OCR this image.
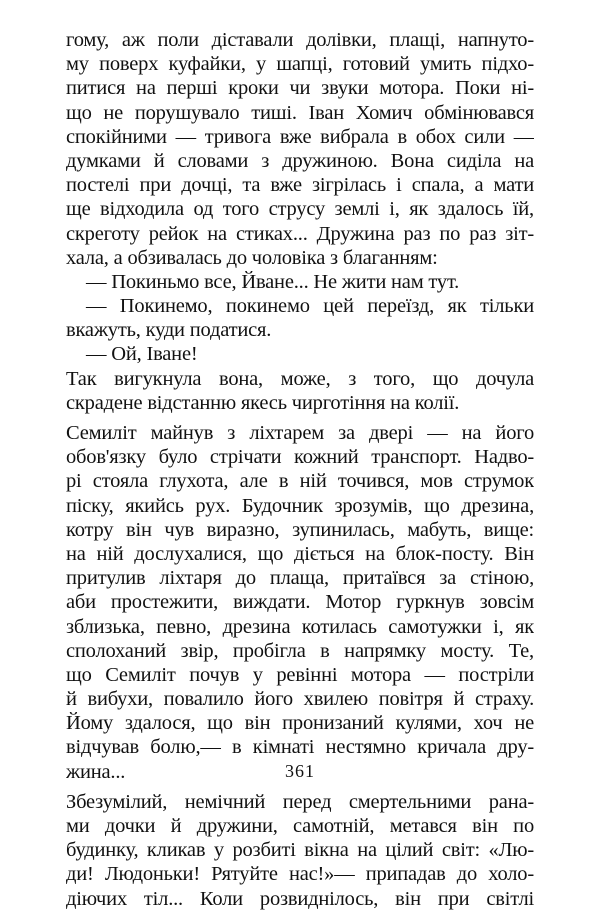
гому, аж поли діставали долівки, плащі, напнуто-
му поверх куфайки, у шапці, готовий умить підхо-
питися на перші кроки чи звуки мотора. Поки ні-
що не порушувало тиші. Іван Хомич обмінювався
спокійними — тривога вже вибрала в обох сили —
думками й словами з дружиною. Вона сиділа на
постелі при дочці, та вже зігрілась і спала, а мати
ще відходила од того струсу землі і, як здалось їй,
скреготу рейок на стиках... Дружина раз по раз зіт-
хала, а обзивалась до чоловіка з благанням:
— Покиньмо все, Йване... Не жити нам тут.
— Покинемо, покинемо цей переїзд, як тільки
вкажуть, куди податися.
— Ой, Іване!
Так вигукнула вона, може, з того, що дочула
скрадене відстанню якесь чирготіння на колії.
Семиліт майнув з ліхтарем за двері — на його
обов'язку було стрічати кожний транспорт. Надво-
рі стояла глухота, але в ній точився, мов струмок
піску, якийсь рух. Будочник зрозумів, що дрезина,
котру він чув виразно, зупинилась, мабуть, вище:
на ній дослухалися, що діється на блок-посту. Він
притулив ліхтаря до плаща, притаївся за стіною,
аби простежити, виждати. Мотор гуркнув зовсім
зблизька, певно, дрезина котилась самотужки і, як
сполоханий звір, пробігла в напрямку мосту. Те,
що Семиліт почув у ревінні мотора — постріли
й вибухи, повалило його хвилею повітря й страху.
Йому здалося, що він пронизаний кулями, хоч не
відчував болю,— в кімнаті нестямно кричала дру-
жина...
Збезумілий, немічний перед смертельними рана-
ми дочки й дружини, самотній, метався він по
будинку, кликав у розбиті вікна на цілий світ: «Лю-
ди! Людоньки! Рятуйте нас!»— припадав до холо-
діючих тіл... Коли розвиднілось, він при світлі
361
